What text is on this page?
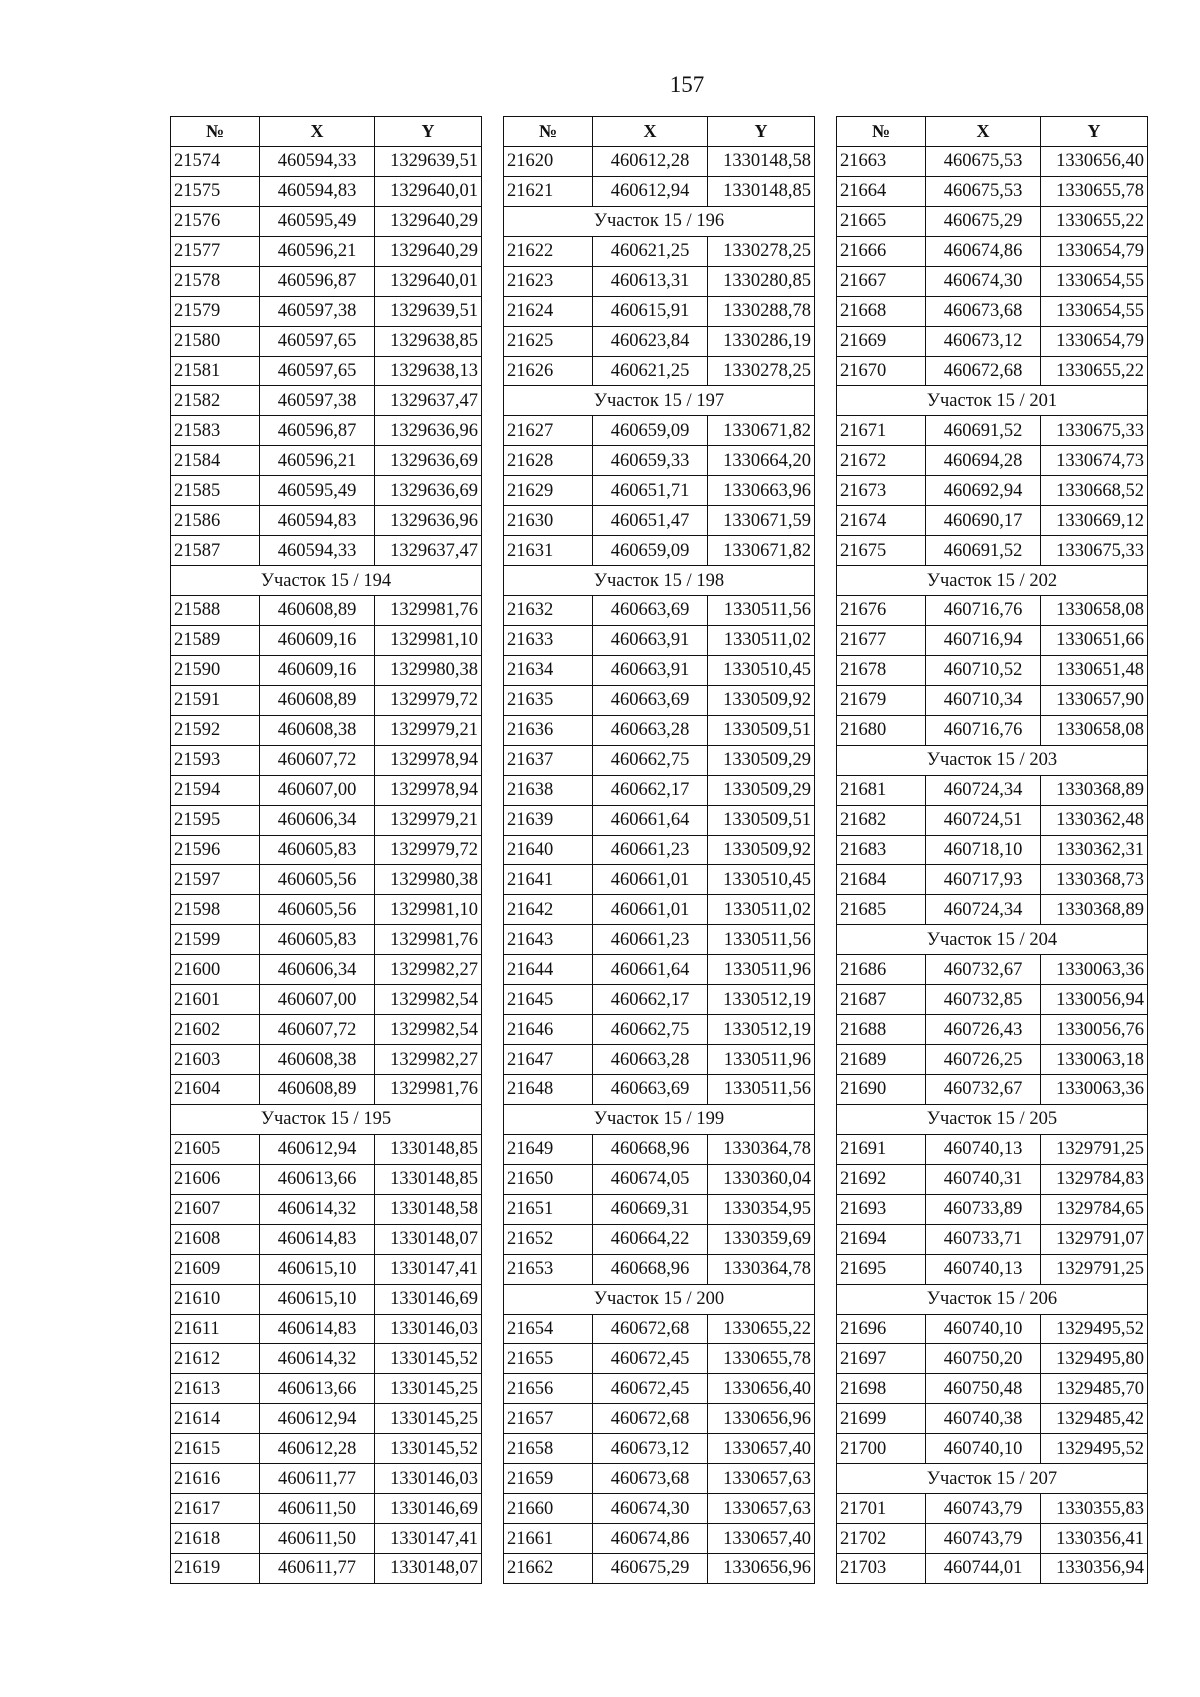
157
№	X	Y
21574	460594,33	1329639,51
21575	460594,83	1329640,01
21576	460595,49	1329640,29
21577	460596,21	1329640,29
21578	460596,87	1329640,01
21579	460597,38	1329639,51
21580	460597,65	1329638,85
21581	460597,65	1329638,13
21582	460597,38	1329637,47
21583	460596,87	1329636,96
21584	460596,21	1329636,69
21585	460595,49	1329636,69
21586	460594,83	1329636,96
21587	460594,33	1329637,47
Участок 15 / 194		
21588	460608,89	1329981,76
21589	460609,16	1329981,10
21590	460609,16	1329980,38
21591	460608,89	1329979,72
21592	460608,38	1329979,21
21593	460607,72	1329978,94
21594	460607,00	1329978,94
21595	460606,34	1329979,21
21596	460605,83	1329979,72
21597	460605,56	1329980,38
21598	460605,56	1329981,10
21599	460605,83	1329981,76
21600	460606,34	1329982,27
21601	460607,00	1329982,54
21602	460607,72	1329982,54
21603	460608,38	1329982,27
21604	460608,89	1329981,76
Участок 15 / 195		
21605	460612,94	1330148,85
21606	460613,66	1330148,85
21607	460614,32	1330148,58
21608	460614,83	1330148,07
21609	460615,10	1330147,41
21610	460615,10	1330146,69
21611	460614,83	1330146,03
21612	460614,32	1330145,52
21613	460613,66	1330145,25
21614	460612,94	1330145,25
21615	460612,28	1330145,52
21616	460611,77	1330146,03
21617	460611,50	1330146,69
21618	460611,50	1330147,41
21619	460611,77	1330148,07
№	X	Y
21620	460612,28	1330148,58
21621	460612,94	1330148,85
Участок 15 / 196		
21622	460621,25	1330278,25
21623	460613,31	1330280,85
21624	460615,91	1330288,78
21625	460623,84	1330286,19
21626	460621,25	1330278,25
Участок 15 / 197		
21627	460659,09	1330671,82
21628	460659,33	1330664,20
21629	460651,71	1330663,96
21630	460651,47	1330671,59
21631	460659,09	1330671,82
Участок 15 / 198		
21632	460663,69	1330511,56
21633	460663,91	1330511,02
21634	460663,91	1330510,45
21635	460663,69	1330509,92
21636	460663,28	1330509,51
21637	460662,75	1330509,29
21638	460662,17	1330509,29
21639	460661,64	1330509,51
21640	460661,23	1330509,92
21641	460661,01	1330510,45
21642	460661,01	1330511,02
21643	460661,23	1330511,56
21644	460661,64	1330511,96
21645	460662,17	1330512,19
21646	460662,75	1330512,19
21647	460663,28	1330511,96
21648	460663,69	1330511,56
Участок 15 / 199		
21649	460668,96	1330364,78
21650	460674,05	1330360,04
21651	460669,31	1330354,95
21652	460664,22	1330359,69
21653	460668,96	1330364,78
Участок 15 / 200		
21654	460672,68	1330655,22
21655	460672,45	1330655,78
21656	460672,45	1330656,40
21657	460672,68	1330656,96
21658	460673,12	1330657,40
21659	460673,68	1330657,63
21660	460674,30	1330657,63
21661	460674,86	1330657,40
21662	460675,29	1330656,96
№	X	Y
21663	460675,53	1330656,40
21664	460675,53	1330655,78
21665	460675,29	1330655,22
21666	460674,86	1330654,79
21667	460674,30	1330654,55
21668	460673,68	1330654,55
21669	460673,12	1330654,79
21670	460672,68	1330655,22
Участок 15 / 201		
21671	460691,52	1330675,33
21672	460694,28	1330674,73
21673	460692,94	1330668,52
21674	460690,17	1330669,12
21675	460691,52	1330675,33
Участок 15 / 202		
21676	460716,76	1330658,08
21677	460716,94	1330651,66
21678	460710,52	1330651,48
21679	460710,34	1330657,90
21680	460716,76	1330658,08
Участок 15 / 203		
21681	460724,34	1330368,89
21682	460724,51	1330362,48
21683	460718,10	1330362,31
21684	460717,93	1330368,73
21685	460724,34	1330368,89
Участок 15 / 204		
21686	460732,67	1330063,36
21687	460732,85	1330056,94
21688	460726,43	1330056,76
21689	460726,25	1330063,18
21690	460732,67	1330063,36
Участок 15 / 205		
21691	460740,13	1329791,25
21692	460740,31	1329784,83
21693	460733,89	1329784,65
21694	460733,71	1329791,07
21695	460740,13	1329791,25
Участок 15 / 206		
21696	460740,10	1329495,52
21697	460750,20	1329495,80
21698	460750,48	1329485,70
21699	460740,38	1329485,42
21700	460740,10	1329495,52
Участок 15 / 207		
21701	460743,79	1330355,83
21702	460743,79	1330356,41
21703	460744,01	1330356,94
